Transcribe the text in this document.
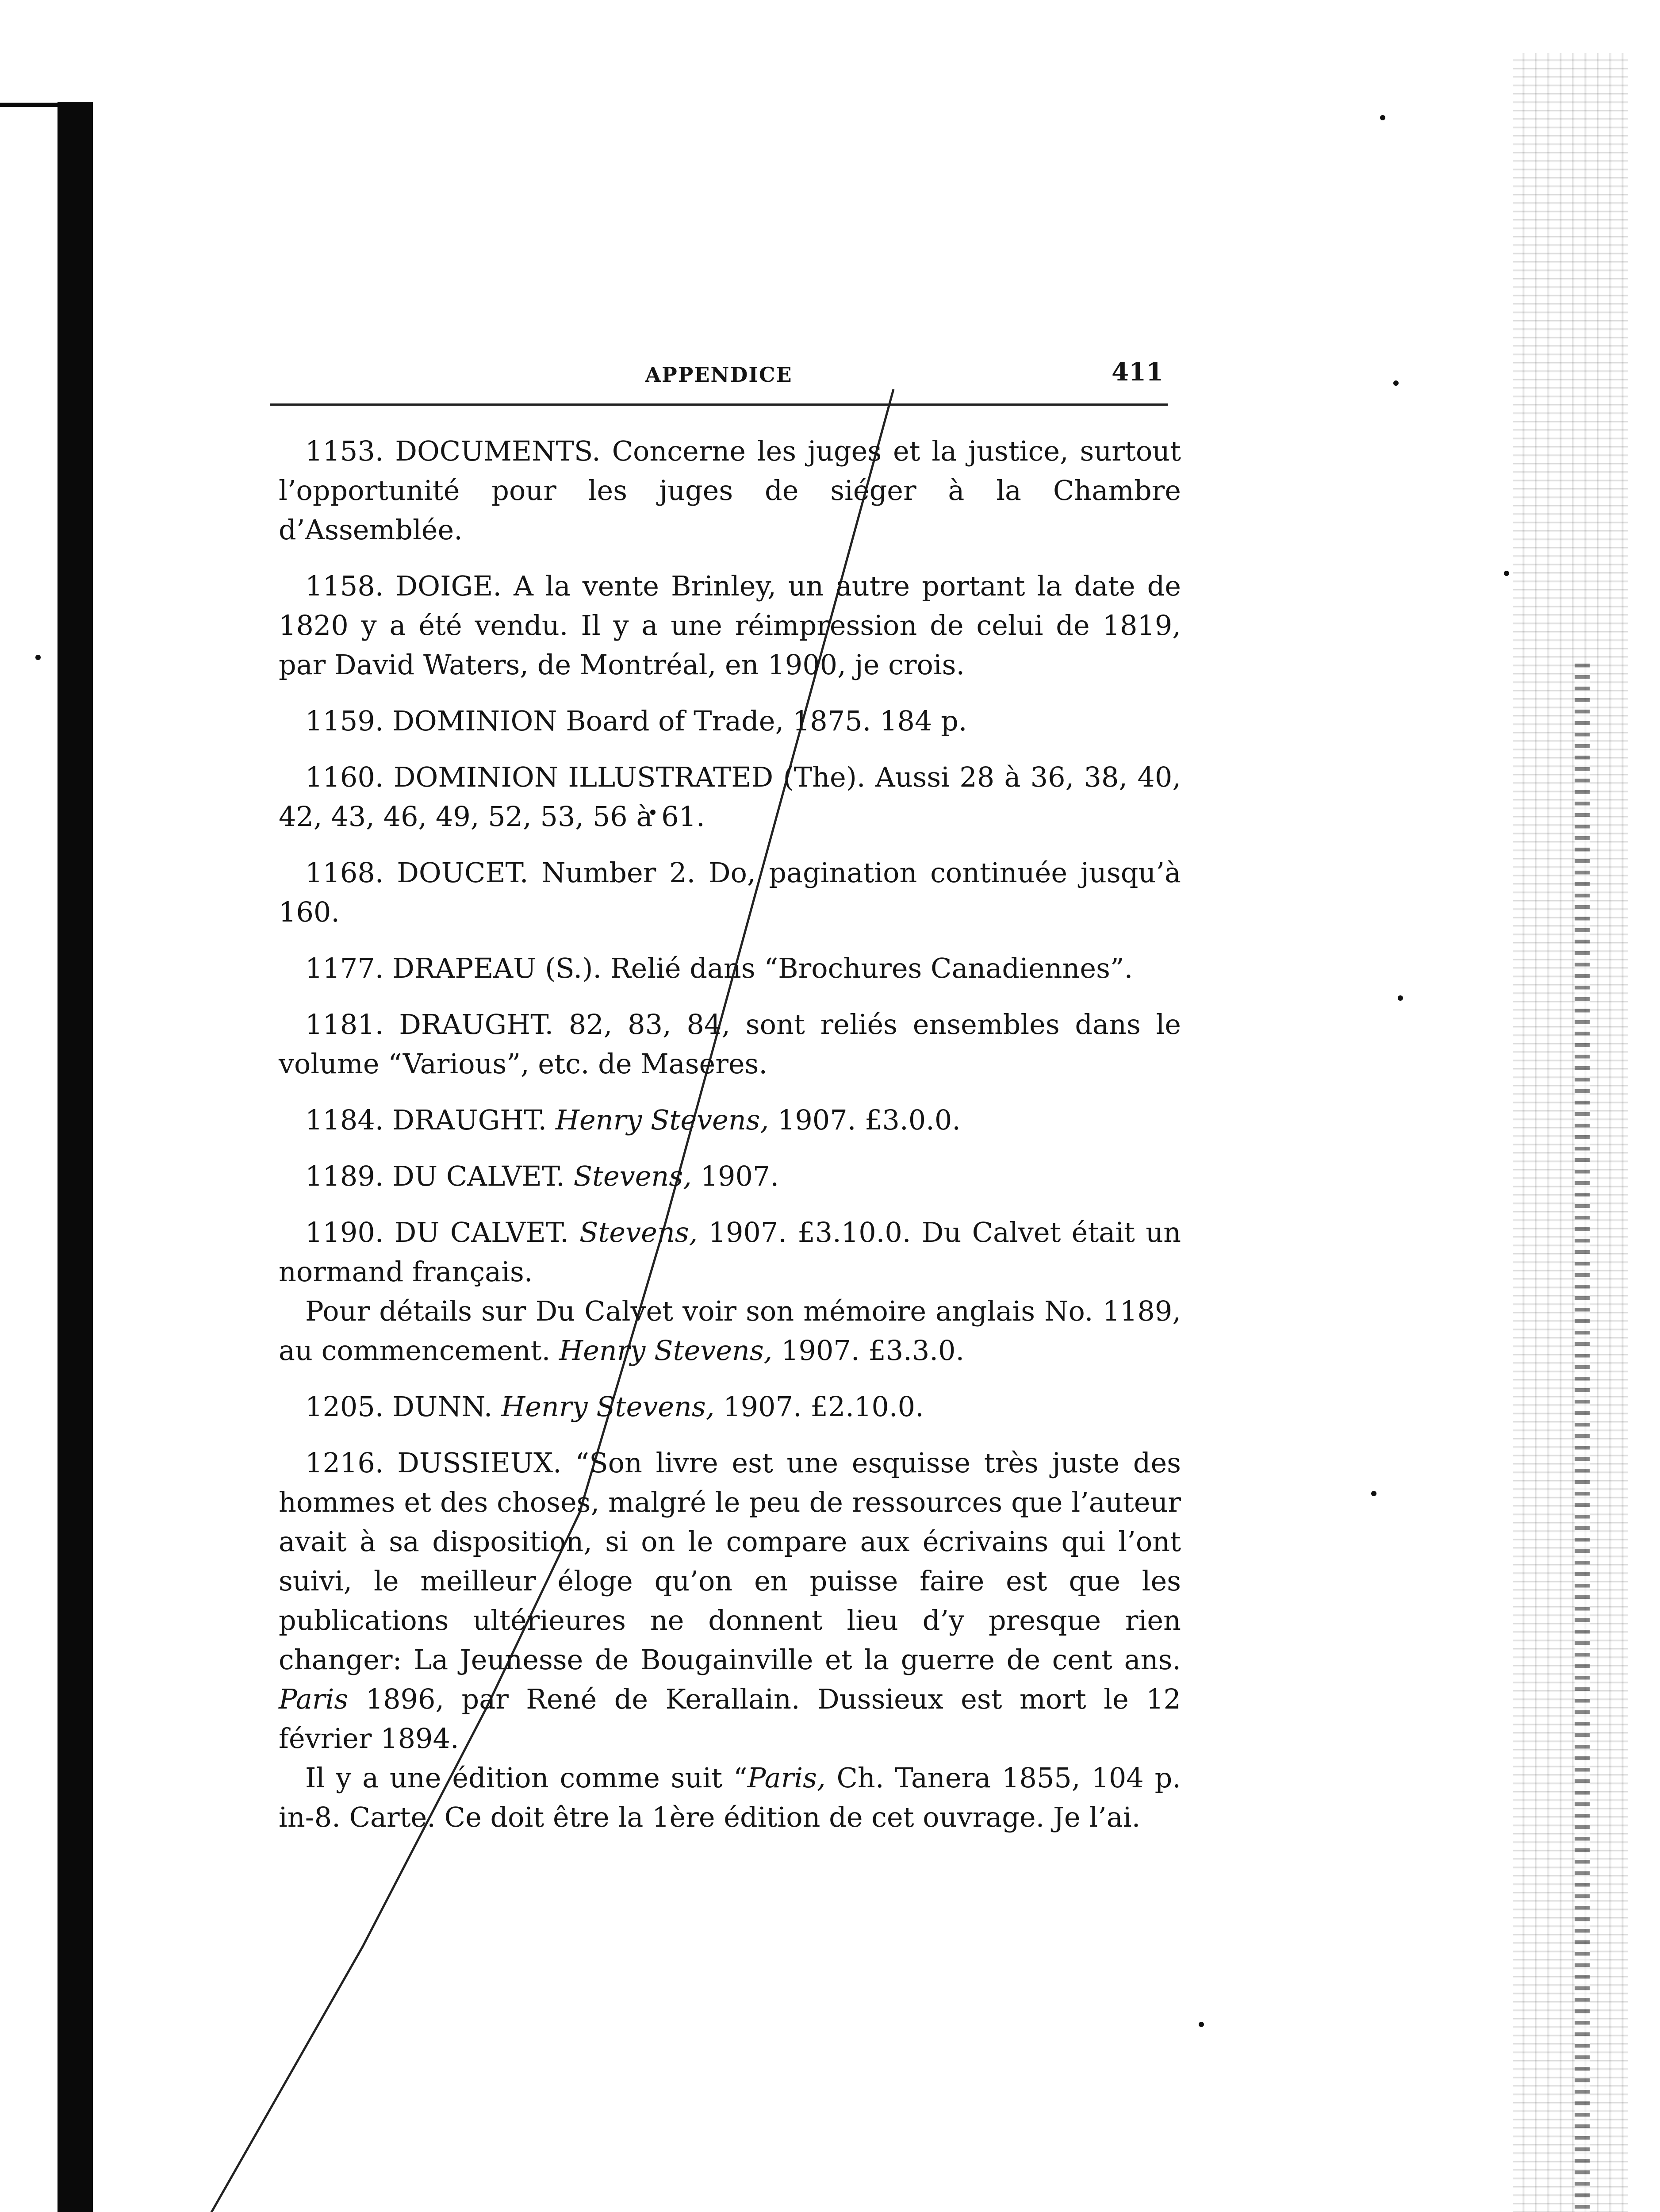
APPENDICE	411

1153. DOCUMENTS. Concerne les juges et la justice, surtout l’opportunité pour les juges de siéger à la Chambre d’Assemblée.

1158. DOIGE. A la vente Brinley, un autre portant la date de 1820 y a été vendu. Il y a une réimpression de celui de 1819, par David Waters, de Montréal, en 1900, je crois.

1159. DOMINION Board of Trade, 1875. 184 p.

1160. DOMINION ILLUSTRATED (The). Aussi 28 à 36, 38, 40, 42, 43, 46, 49, 52, 53, 56 à 61.

1168. DOUCET. Number 2. Do, pagination continuée jusqu’à 160.

1177. DRAPEAU (S.). Relié dans “Brochures Canadiennes”.

1181. DRAUGHT. 82, 83, 84, sont reliés ensembles dans le volume “Various”, etc. de Maseres.

1184. DRAUGHT. Henry Stevens, 1907. £3.0.0.

1189. DU CALVET. Stevens, 1907.

1190. DU CALVET. Stevens, 1907. £3.10.0. Du Calvet était un normand français.

Pour détails sur Du Calvet voir son mémoire anglais No. 1189, au commencement. Henry Stevens, 1907. £3.3.0.

1205. DUNN. Henry Stevens, 1907. £2.10.0.

1216. DUSSIEUX. “Son livre est une esquisse très juste des hommes et des choses, malgré le peu de ressources que l’auteur avait à sa disposition, si on le compare aux écrivains qui l’ont suivi, le meilleur éloge qu’on en puisse faire est que les publications ultérieures ne donnent lieu d’y presque rien changer: La Jeunesse de Bougainville et la guerre de cent ans. Paris 1896, par René de Kerallain. Dussieux est mort le 12 février 1894.

Il y a une édition comme suit “Paris, Ch. Tanera 1855, 104 p. in-8. Carte. Ce doit être la 1ère édition de cet ouvrage. Je l’ai.
